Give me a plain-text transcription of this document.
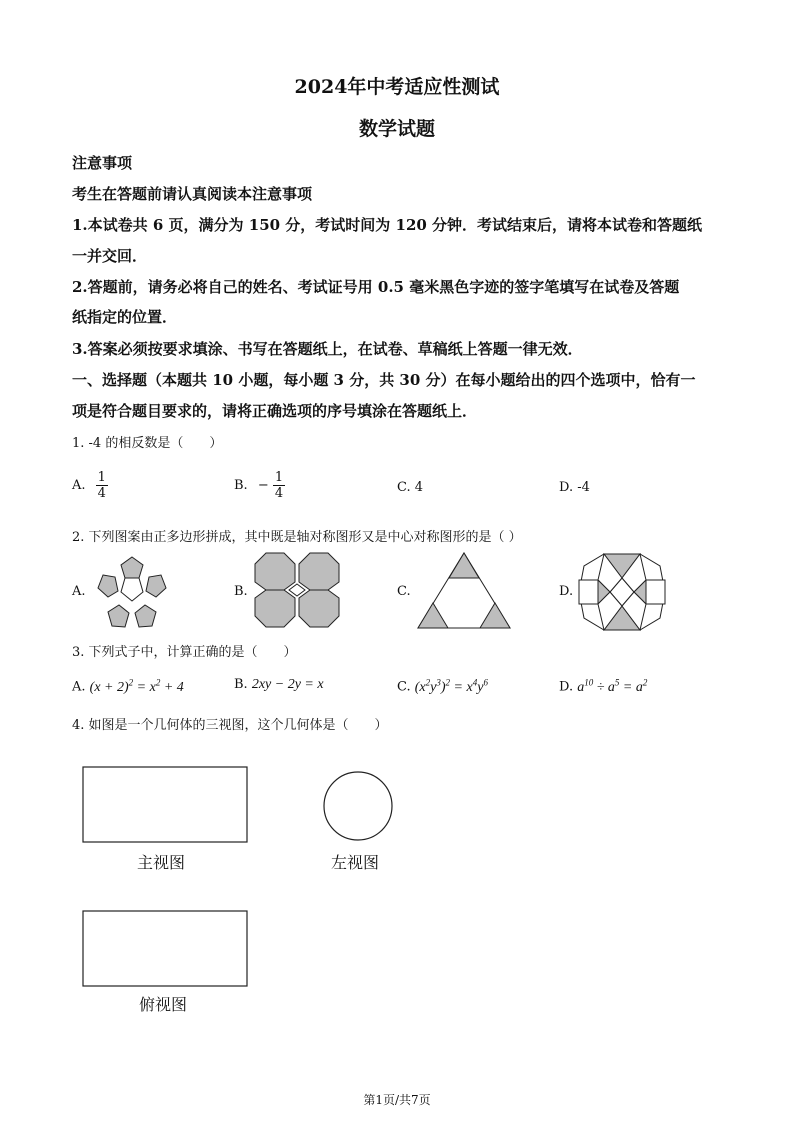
2024年中考适应性测试
数学试题
注意事项
考生在答题前请认真阅读本注意事项
1.本试卷共 6 页，满分为 150 分，考试时间为 120 分钟．考试结束后，请将本试卷和答题纸
一并交回．
2.答题前，请务必将自己的姓名、考试证号用 0.5 毫米黑色字迹的签字笔填写在试卷及答题
纸指定的位置．
3.答案必须按要求填涂、书写在答题纸上，在试卷、草稿纸上答题一律无效．
一、选择题（本题共 10 小题，每小题 3 分，共 30 分）在每小题给出的四个选项中，恰有一
项是符合题目要求的，请将正确选项的序号填涂在答题纸上．
1. -4 的相反数是（　　）
A. $\frac{1}{4}$	B. − $\frac{1}{4}$	C. 4	D. -4
2. 下列图案由正多边形拼成，其中既是轴对称图形又是中心对称图形的是（ ）
A.	B.	C.	D.
3. 下列式子中，计算正确的是（　　）
A. $(x + 2)^2 = x^2 + 4$	B. 2xy − 2y = x	C. $(x^2y^3)^2 = x^4y^6$	D. $a^{10} \div a^5 = a^2$
4. 如图是一个几何体的三视图，这个几何体是（　　）
主视图	左视图
俯视图
第1页/共7页
